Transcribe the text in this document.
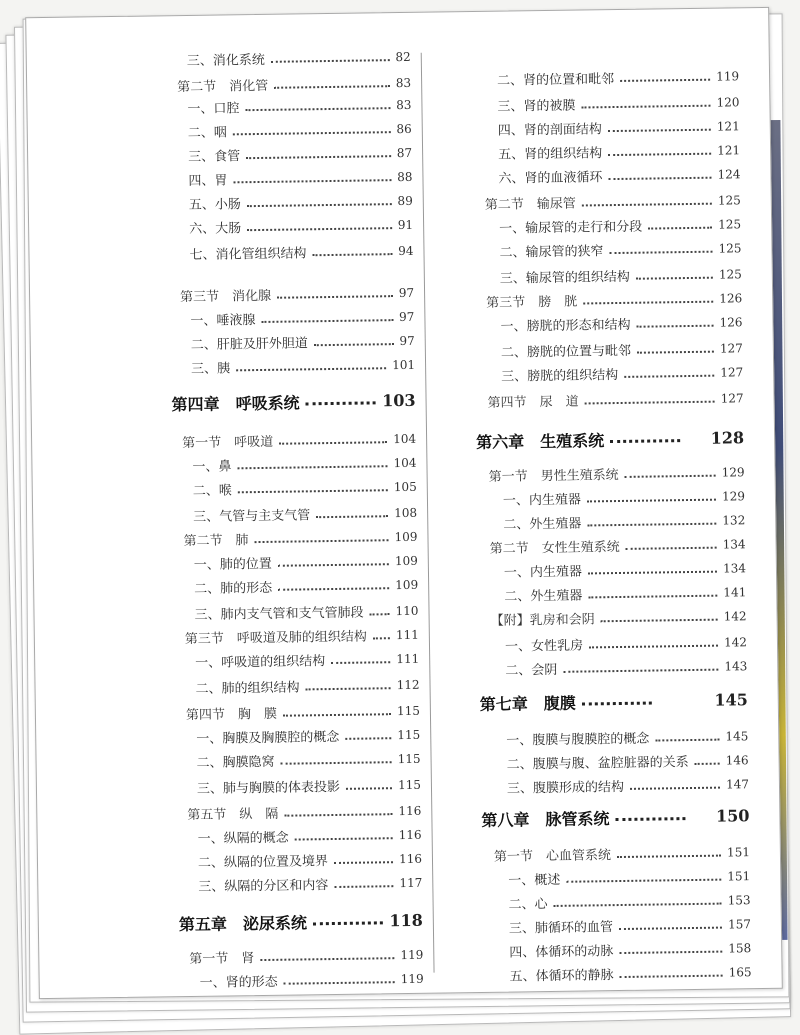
三、消化系统	82
第二节　消化管	83
一、口腔	83
二、咽	86
三、食管	87
四、胃	88
五、小肠	89
六、大肠	91
七、消化管组织结构	94
第三节　消化腺	97
一、唾液腺	97
二、肝脏及肝外胆道	97
三、胰	101
第四章 呼吸系统	103
第一节　呼吸道	104
一、鼻	104
二、喉	105
三、气管与主支气管	108
第二节　肺	109
一、肺的位置	109
二、肺的形态	109
三、肺内支气管和支气管肺段	110
第三节　呼吸道及肺的组织结构 111
一、呼吸道的组织结构	111
二、肺的组织结构	112
第四节　胸　膜	115
一、胸膜及胸膜腔的概念	115
二、胸膜隐窝	115
三、肺与胸膜的体表投影	115
第五节　纵　隔	116
一、纵隔的概念	116
二、纵隔的位置及境界	116
三、纵隔的分区和内容	117
第五章 泌尿系统	118
第一节　肾	119
一、肾的形态	119
二、肾的位置和毗邻	119
三、肾的被膜	120
四、肾的剖面结构	121
五、肾的组织结构	121
六、肾的血液循环	124
第二节　输尿管	125
一、输尿管的走行和分段	125
二、输尿管的狭窄	125
三、输尿管的组织结构	125
第三节　膀　胱	126
一、膀胱的形态和结构	126
二、膀胱的位置与毗邻	127
三、膀胱的组织结构	127
第四节　尿　道	127
第六章 生殖系统	128
第一节　男性生殖系统	129
一、内生殖器	129
二、外生殖器	132
第二节　女性生殖系统	134
一、内生殖器	134
二、外生殖器	141
【附】乳房和会阴	142
一、女性乳房	142
二、会阴	143
第七章 腹膜	145
一、腹膜与腹膜腔的概念	145
二、腹膜与腹、盆腔脏器的关系	146
三、腹膜形成的结构	147
第八章 脉管系统	150
第一节　心血管系统	151
一、概述	151
二、心	153
三、肺循环的血管	157
四、体循环的动脉	158
五、体循环的静脉	165
